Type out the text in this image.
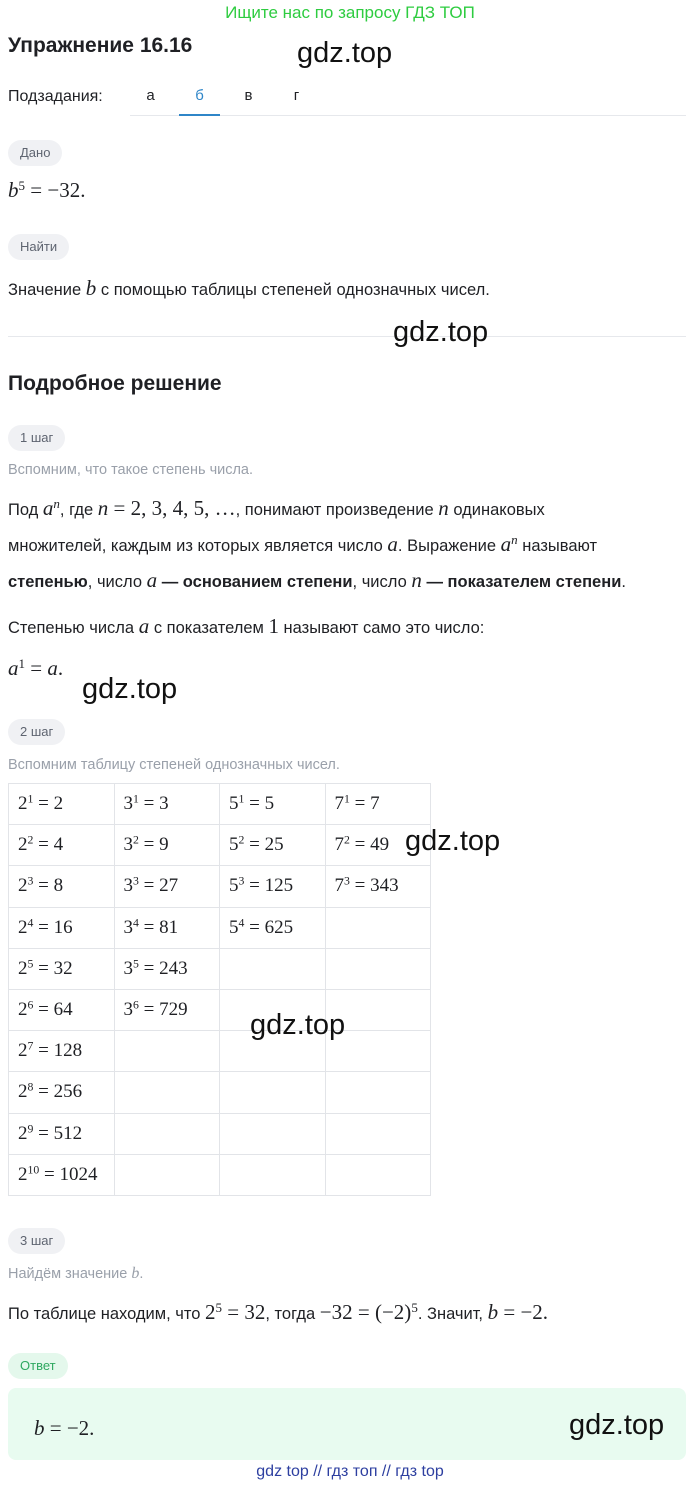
Ищите нас по запросу ГДЗ ТОП
Упражнение 16.16	gdz.top
Подзадания:	а	б	в	г
Дано
$b^5 = -32$.
Найти
Значение b с помощью таблицы степеней однозначных чисел.
gdz.top
Подробное решение
1 шаг
Вспомним, что такое степень числа.
Под $a^n$, где n = 2, 3, 4, 5, …, понимают произведение n одинаковых
множителей, каждым из которых является число a. Выражение $a^n$ называют
степенью, число a — основанием степени, число n — показателем степени.
Степенью числа a с показателем 1 называют само это число:
$a^1 = a$.
gdz.top
2 шаг
Вспомним таблицу степеней однозначных чисел.
$2^1 = 2$	$3^1 = 3$	$5^1 = 5$	$7^1 = 7$
$2^2 = 4$	$3^2 = 9$	$5^2 = 25$	$7^2 = 49$
$2^3 = 8$	$3^3 = 27$	$5^3 = 125$	$7^3 = 343$
$2^4 = 16$	$3^4 = 81$	$5^4 = 625$	
$2^5 = 32$	$3^5 = 243$		
$2^6 = 64$	$3^6 = 729$		
$2^7 = 128$			
$2^8 = 256$			
$2^9 = 512$			
$2^{10} = 1024$			
gdz.top
gdz.top
3 шаг
Найдём значение b.
По таблице находим, что $2^5 = 32$, тогда $-32 = (-2)^5$. Значит, b = −2.
Ответ
b = −2.	gdz.top
gdz top // гдз топ // гдз top
